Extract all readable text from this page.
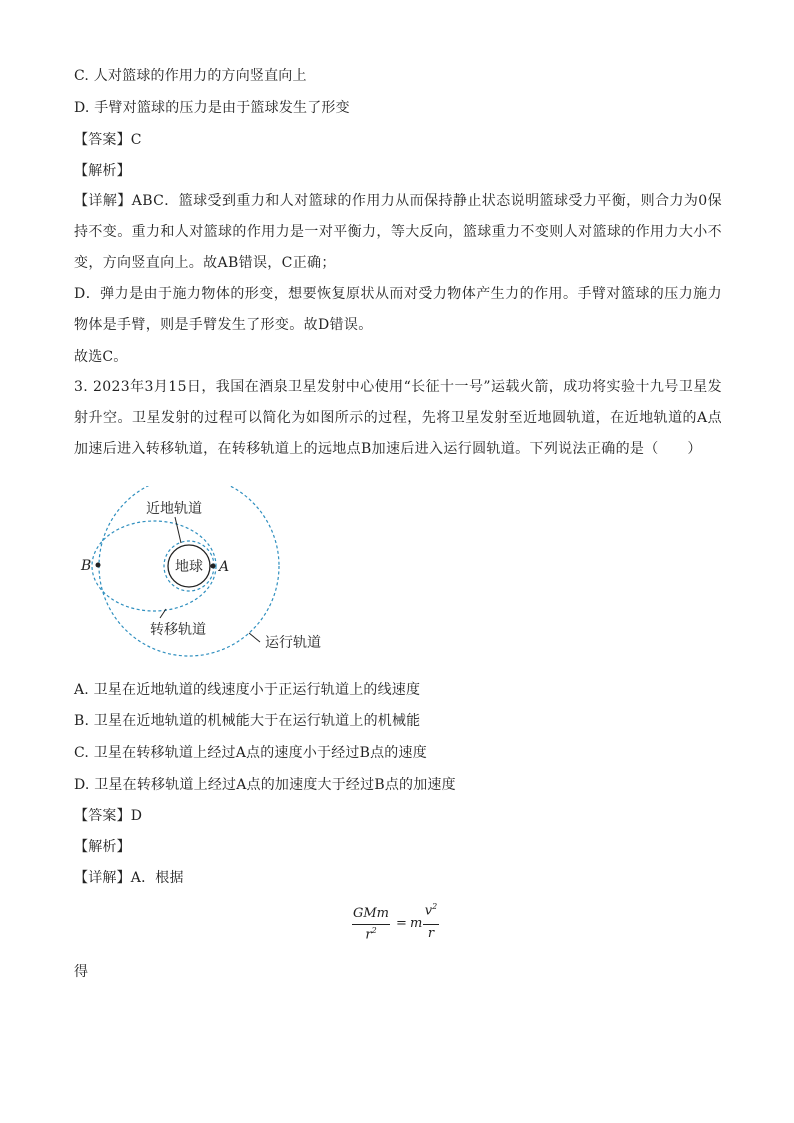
C. 人对篮球的作用力的方向竖直向上
D. 手臂对篮球的压力是由于篮球发生了形变
【答案】C
【解析】
【详解】ABC．篮球受到重力和人对篮球的作用力从而保持静止状态说明篮球受力平衡，则合力为0保持不变。重力和人对篮球的作用力是一对平衡力，等大反向，篮球重力不变则人对篮球的作用力大小不变，方向竖直向上。故AB错误，C正确；
D．弹力是由于施力物体的形变，想要恢复原状从而对受力物体产生力的作用。手臂对篮球的压力施力物体是手臂，则是手臂发生了形变。故D错误。
故选C。
3. 2023年3月15日，我国在酒泉卫星发射中心使用“长征十一号”运载火箭，成功将实验十九号卫星发射升空。卫星发射的过程可以简化为如图所示的过程，先将卫星发射至近地圆轨道，在近地轨道的A点加速后进入转移轨道，在转移轨道上的远地点B加速后进入运行圆轨道。下列说法正确的是（　　）
地球
近地轨道
A
B
转移轨道
运行轨道
A. 卫星在近地轨道的线速度小于正运行轨道上的线速度
B. 卫星在近地轨道的机械能大于在运行轨道上的机械能
C. 卫星在转移轨道上经过A点的速度小于经过B点的速度
D. 卫星在转移轨道上经过A点的加速度大于经过B点的加速度
【答案】D
【解析】
【详解】A．根据
GMm
$r^2$	= m
$v^2$
r
得
